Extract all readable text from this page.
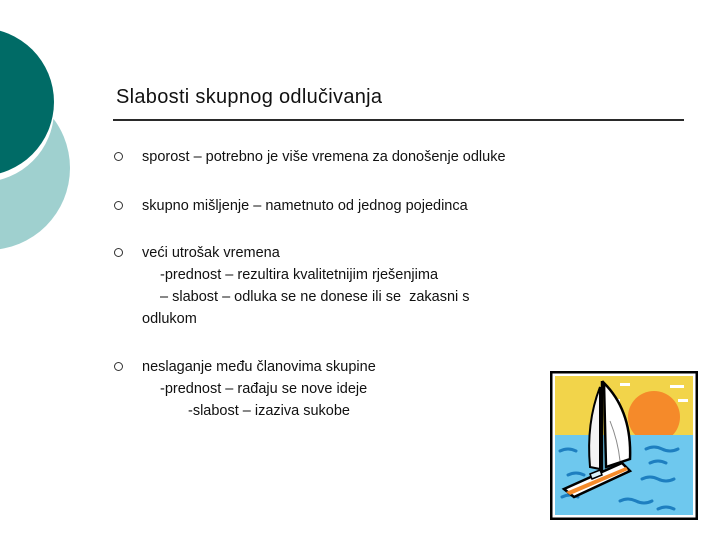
Slabosti skupnog odlučivanja
sporost – potrebno je više vremena za donošenje odluke
skupno mišljenje – nametnuto od jednog pojedinca
veći utrošak vremena
-prednost – rezultira kvalitetnijim rješenjima
– slabost – odluka se ne donese ili se  zakasni s
odlukom
neslaganje među članovima skupine
-prednost – rađaju se nove ideje
-slabost – izaziva sukobe
